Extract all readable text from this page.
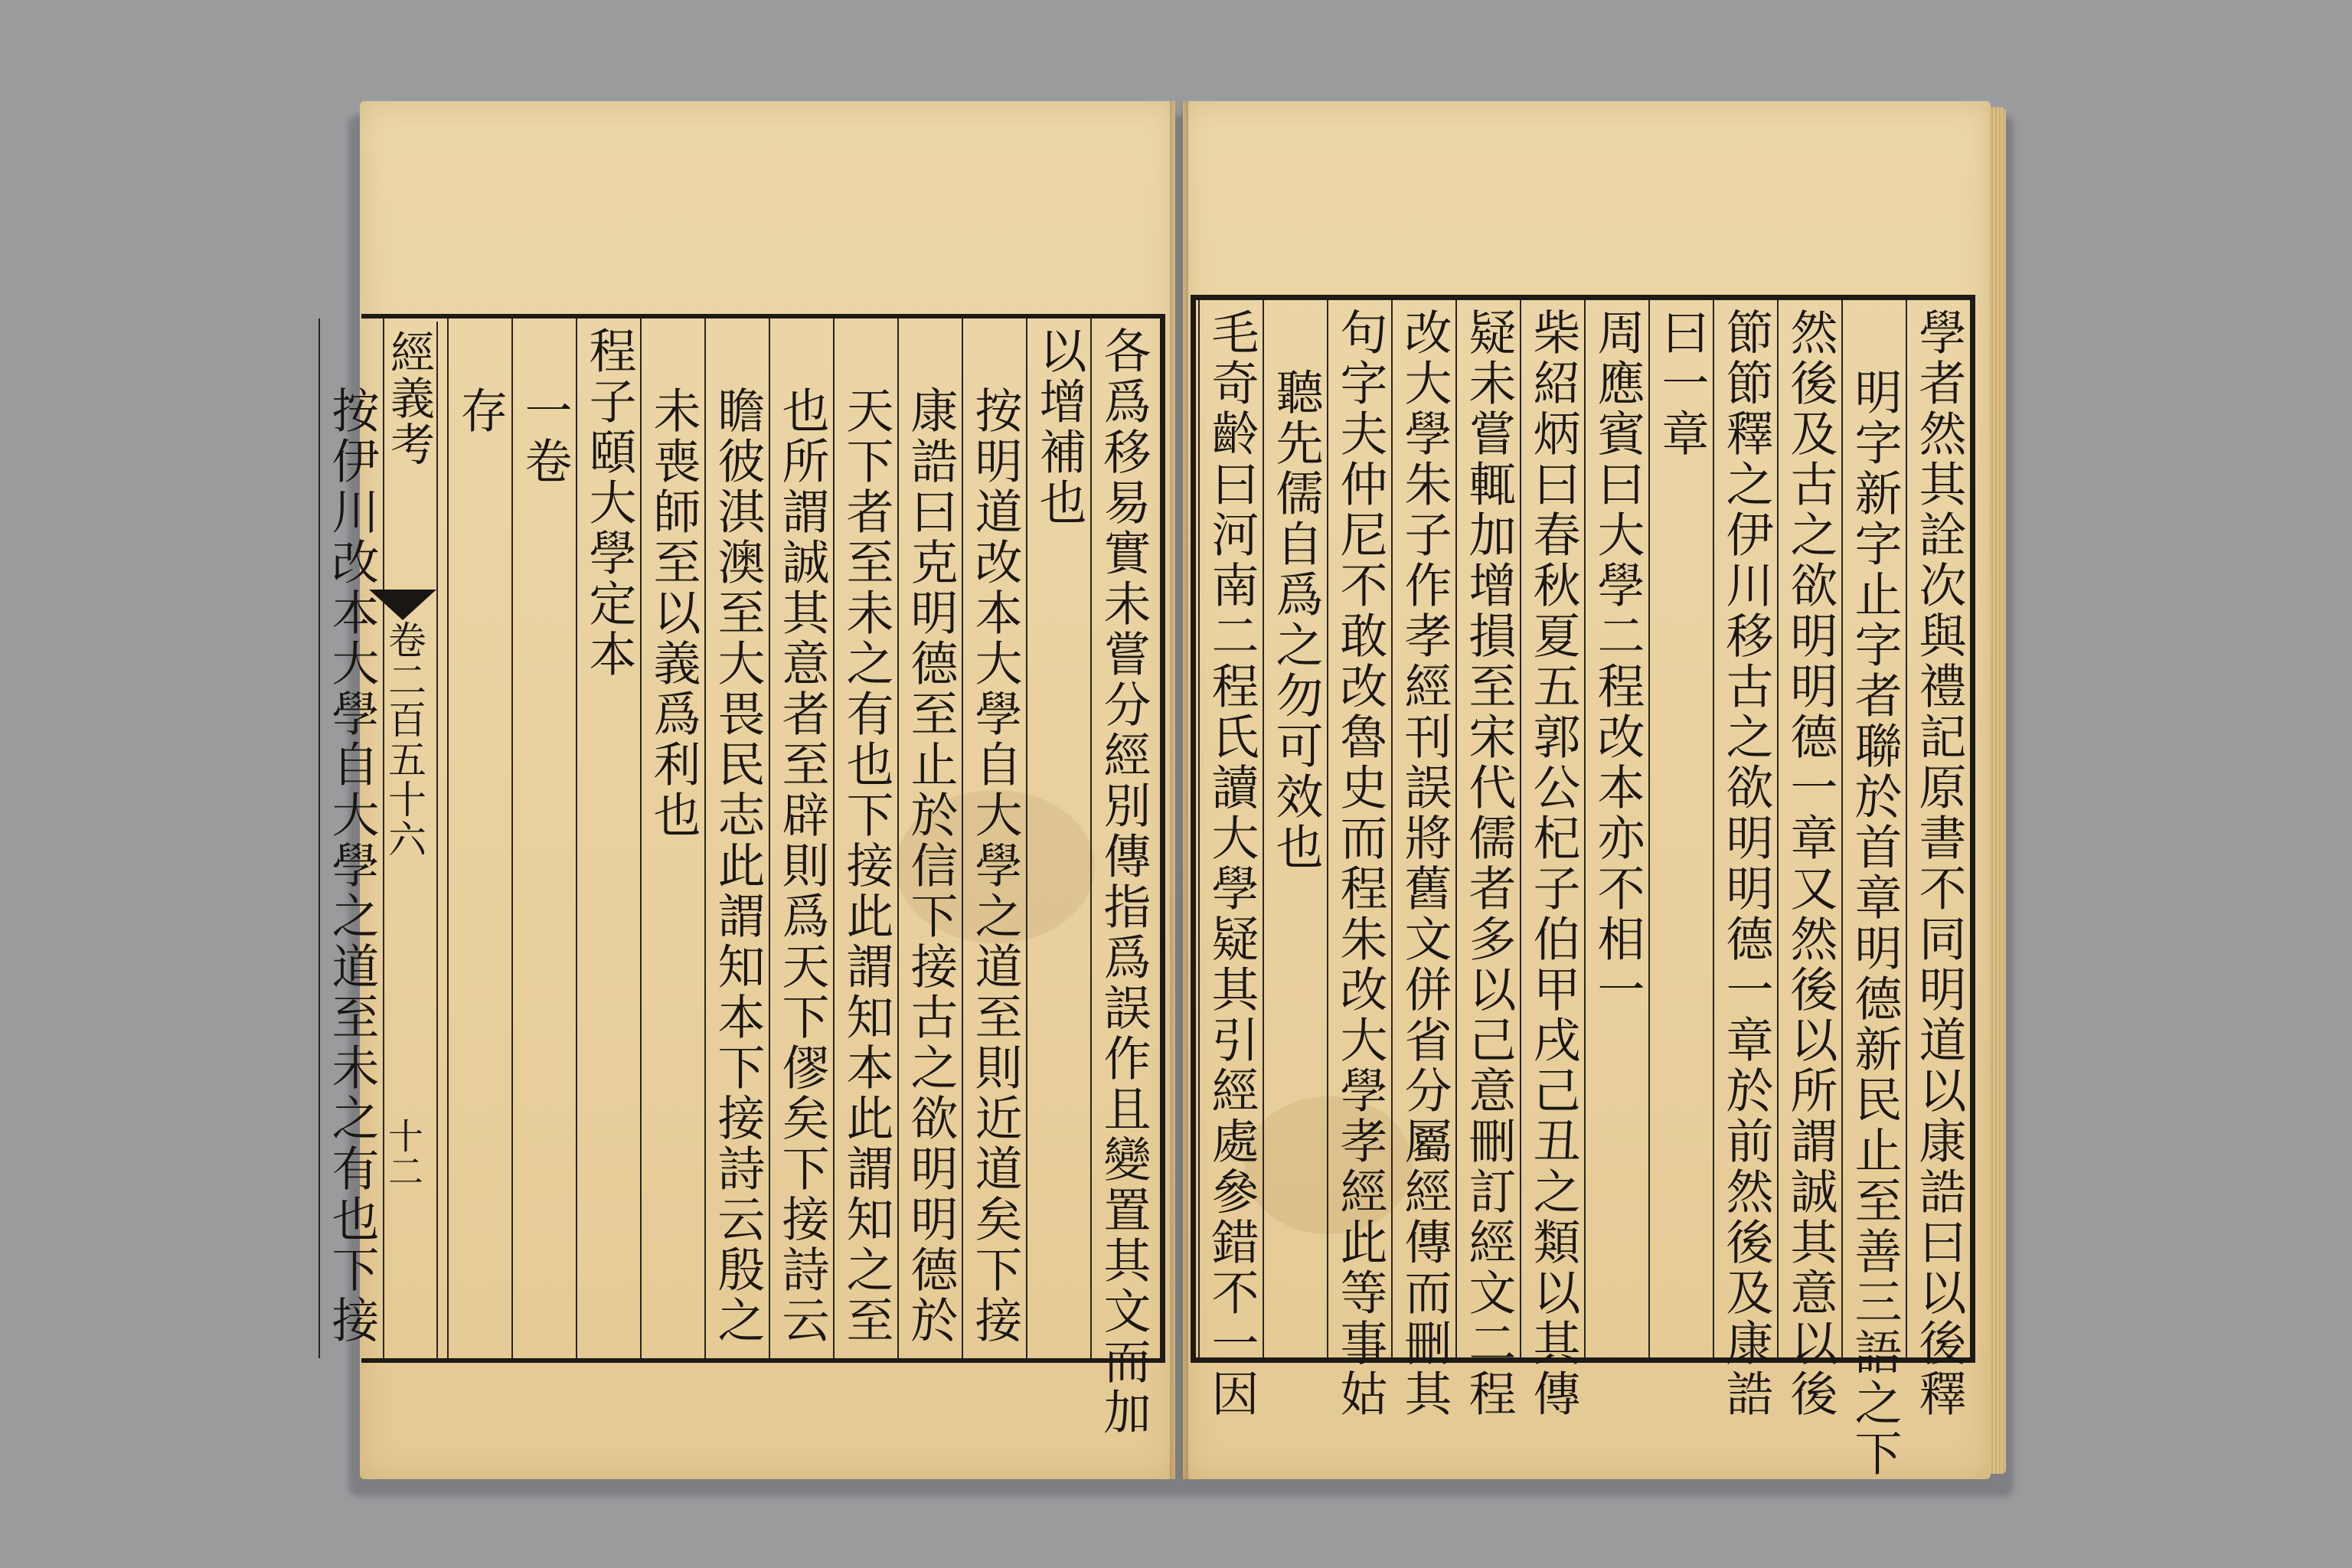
各爲移易實未嘗分經別傳指爲誤作且變置其文而加
以增補也
按明道改本大學自大學之道至則近道矣下接
康誥曰克明德至止於信下接古之欲明明德於
天下者至未之有也下接此謂知本此謂知之至
也所謂誠其意者至辟則爲天下僇矣下接詩云
瞻彼淇澳至大畏民志此謂知本下接詩云殷之
未喪師至以義爲利也
程子頤大學定本
一卷
存
按伊川改本大學自大學之道至未之有也下接 經義考
卷二百五十六
十二	學者然其詮次與禮記原書不同明道以康誥曰以後釋
明字新字止字者聯於首章明德新民止至善三語之下
然後及古之欲明明德一章又然後以所謂誠其意以後
節節釋之伊川移古之欲明明德一章於前然後及康誥
曰一章
周應賓曰大學二程改本亦不相一
柴紹炳曰春秋夏五郭公杞子伯甲戌己丑之類以其傳
疑未嘗輒加增損至宋代儒者多以己意刪訂經文二程
改大學朱子作孝經刊誤將舊文併省分屬經傳而刪其
句字夫仲尼不敢改魯史而程朱改大學孝經此等事姑
聽先儒自爲之勿可效也
毛奇齡曰河南二程氏讀大學疑其引經處參錯不一因
